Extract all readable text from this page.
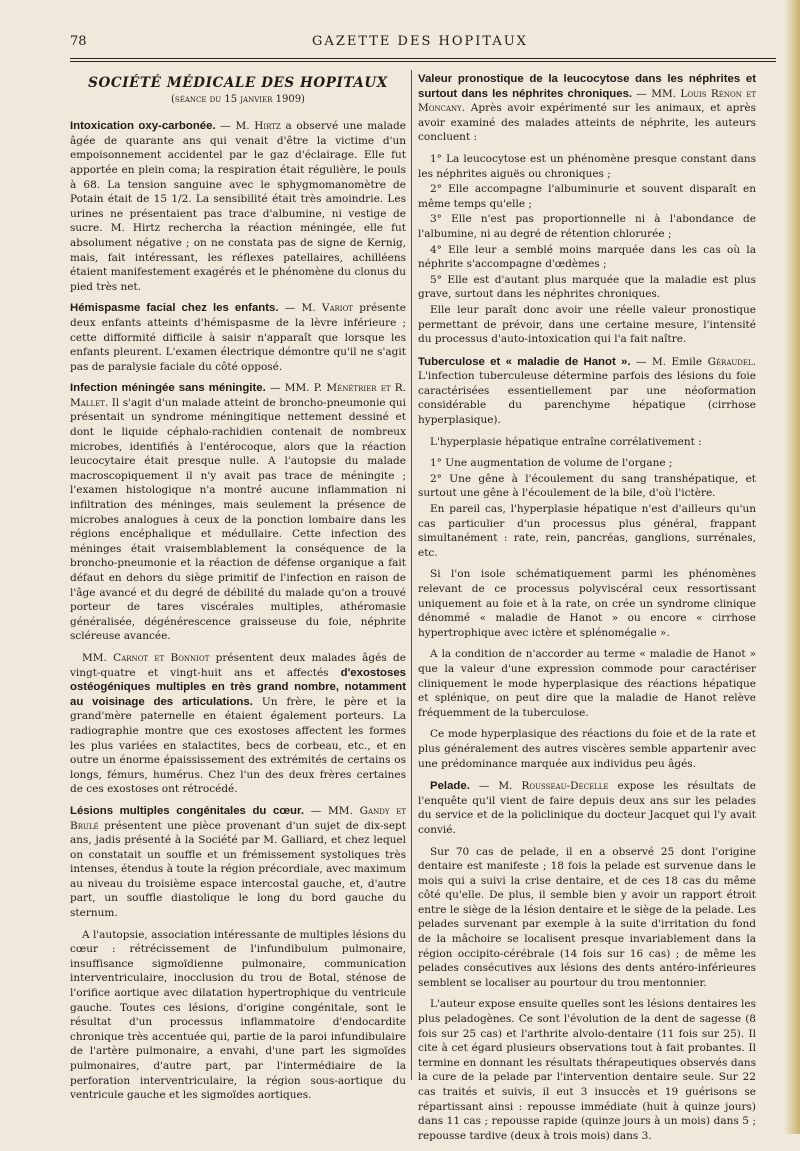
78	GAZETTE DES HOPITAUX
SOCIÉTÉ MÉDICALE DES HOPITAUX
(séance du 15 janvier 1909)

Intoxication oxy-carbonée. — M. Hirtz a observé une malade âgée de quarante ans qui venait d'être la victime d'un empoisonnement accidentel par le gaz d'éclairage. Elle fut apportée en plein coma; la respiration était régulière, le pouls à 68. La tension sanguine avec le sphygmomanomètre de Potain était de 15 1/2. La sensibilité était très amoindrie. Les urines ne présentaient pas trace d'albumine, ni vestige de sucre. M. Hirtz rechercha la réaction méningée, elle fut absolument négative ; on ne constata pas de signe de Kernig, mais, fait intéressant, les réflexes patellaires, achilléens étaient manifestement exagérés et le phénomène du clonus du pied très net.

Hémispasme facial chez les enfants. — M. Variot présente deux enfants atteints d'hémispasme de la lèvre inférieure ; cette difformité difficile à saisir n'apparaît que lorsque les enfants pleurent. L'examen électrique démontre qu'il ne s'agit pas de paralysie faciale du côté opposé.

Infection méningée sans méningite. — MM. P. Ménétrier et R. Mallet. Il s'agit d'un malade atteint de broncho-pneumonie qui présentait un syndrome méningitique nettement dessiné et dont le liquide céphalo-rachidien contenait de nombreux microbes, identifiés à l'entérocoque, alors que la réaction leucocytaire était presque nulle. A l'autopsie du malade macroscopiquement il n'y avait pas trace de méningite ; l'examen histologique n'a montré aucune inflammation ni infiltration des méninges, mais seulement la présence de microbes analogues à ceux de la ponction lombaire dans les régions encéphalique et médullaire. Cette infection des méninges était vraisemblablement la conséquence de la broncho-pneumonie et la réaction de défense organique a fait défaut en dehors du siège primitif de l'infection en raison de l'âge avancé et du degré de débilité du malade qu'on a trouvé porteur de tares viscérales multiples, athéromasie généralisée, dégénérescence graisseuse du foie, néphrite scléreuse avancée.

MM. Carnot et Bonniot présentent deux malades âgés de vingt-quatre et vingt-huit ans et affectés d'exostoses ostéogéniques multiples en très grand nombre, notamment au voisinage des articulations. Un frère, le père et la grand'mère paternelle en étaient également porteurs. La radiographie montre que ces exostoses affectent les formes les plus variées en stalactites, becs de corbeau, etc., et en outre un énorme épaississement des extrémités de certains os longs, fémurs, humérus. Chez l'un des deux frères certaines de ces exostoses ont rétrocédé.

Lésions multiples congénitales du cœur. — MM. Gandy et Brulé présentent une pièce provenant d'un sujet de dix-sept ans, jadis présenté à la Société par M. Galliard, et chez lequel on constatait un souffle et un frémissement systoliques très intenses, étendus à toute la région précordiale, avec maximum au niveau du troisième espace intercostal gauche, et, d'autre part, un souffle diastolique le long du bord gauche du sternum.

A l'autopsie, association intéressante de multiples lésions du cœur : rétrécissement de l'infundibulum pulmonaire, insuffisance sigmoïdienne pulmonaire, communication interventriculaire, inocclusion du trou de Botal, sténose de l'orifice aortique avec dilatation hypertrophique du ventricule gauche. Toutes ces lésions, d'origine congénitale, sont le résultat d'un processus inflammatoire d'endocardite chronique très accentuée qui, partie de la paroi infundibulaire de l'artère pulmonaire, a envahi, d'une part les sigmoïdes pulmonaires, d'autre part, par l'intermédiaire de la perforation interventriculaire, la région sous-aortique du ventricule gauche et les sigmoïdes aortiques.

Valeur pronostique de la leucocytose dans les néphrites et surtout dans les néphrites chroniques. — MM. Louis Rénon et Moncany. Après avoir expérimenté sur les animaux, et après avoir examiné des malades atteints de néphrite, les auteurs concluent :

1° La leucocytose est un phénomène presque constant dans les néphrites aiguës ou chroniques ;
2° Elle accompagne l'albuminurie et souvent disparaît en même temps qu'elle ;
3° Elle n'est pas proportionnelle ni à l'abondance de l'albumine, ni au degré de rétention chlorurée ;
4° Elle leur a semblé moins marquée dans les cas où la néphrite s'accompagne d'œdèmes ;
5° Elle est d'autant plus marquée que la maladie est plus grave, surtout dans les néphrites chroniques.

Elle leur paraît donc avoir une réelle valeur pronostique permettant de prévoir, dans une certaine mesure, l'intensité du processus d'auto-intoxication qui l'a fait naître.

Tuberculose et « maladie de Hanot ». — M. Emile Géraudel. L'infection tuberculeuse détermine parfois des lésions du foie caractérisées essentiellement par une néoformation considérable du parenchyme hépatique (cirrhose hyperplasique).

L'hyperplasie hépatique entraîne corrélativement :

1° Une augmentation de volume de l'organe ;
2° Une gêne à l'écoulement du sang transhépatique, et surtout une gêne à l'écoulement de la bile, d'où l'ictère.

En pareil cas, l'hyperplasie hépatique n'est d'ailleurs qu'un cas particulier d'un processus plus général, frappant simultanément : rate, rein, pancréas, ganglions, surrénales, etc.

Si l'on isole schématiquement parmi les phénomènes relevant de ce processus polyviscéral ceux ressortissant uniquement au foie et à la rate, on crée un syndrome clinique dénommé « maladie de Hanot » ou encore « cirrhose hypertrophique avec ictère et splénomégalie ».

A la condition de n'accorder au terme « maladie de Hanot » que la valeur d'une expression commode pour caractériser cliniquement le mode hyperplasique des réactions hépatique et splénique, on peut dire que la maladie de Hanot relève fréquemment de la tuberculose.

Ce mode hyperplasique des réactions du foie et de la rate et plus généralement des autres viscères semble appartenir avec une prédominance marquée aux individus peu âgés.

Pelade. — M. Rousseau-Decelle expose les résultats de l'enquête qu'il vient de faire depuis deux ans sur les pelades du service et de la policlinique du docteur Jacquet qui l'y avait convié.

Sur 70 cas de pelade, il en a observé 25 dont l'origine dentaire est manifeste ; 18 fois la pelade est survenue dans le mois qui a suivi la crise dentaire, et de ces 18 cas du même côté qu'elle. De plus, il semble bien y avoir un rapport étroit entre le siège de la lésion dentaire et le siège de la pelade. Les pelades survenant par exemple à la suite d'irritation du fond de la mâchoire se localisent presque invariablement dans la région occipito-cérébrale (14 fois sur 16 cas) ; de même les pelades consécutives aux lésions des dents antéro-inférieures semblent se localiser au pourtour du trou mentonnier.

L'auteur expose ensuite quelles sont les lésions dentaires les plus peladogènes. Ce sont l'évolution de la dent de sagesse (8 fois sur 25 cas) et l'arthrite alvolo-dentaire (11 fois sur 25). Il cite à cet égard plusieurs observations tout à fait probantes. Il termine en donnant les résultats thérapeutiques observés dans la cure de la pelade par l'intervention dentaire seule. Sur 22 cas traités et suivis, il eut 3 insuccès et 19 guérisons se répartissant ainsi : repousse immédiate (huit à quinze jours) dans 11 cas ; repousse rapide (quinze jours à un mois) dans 5 ; repousse tardive (deux à trois mois) dans 3.
